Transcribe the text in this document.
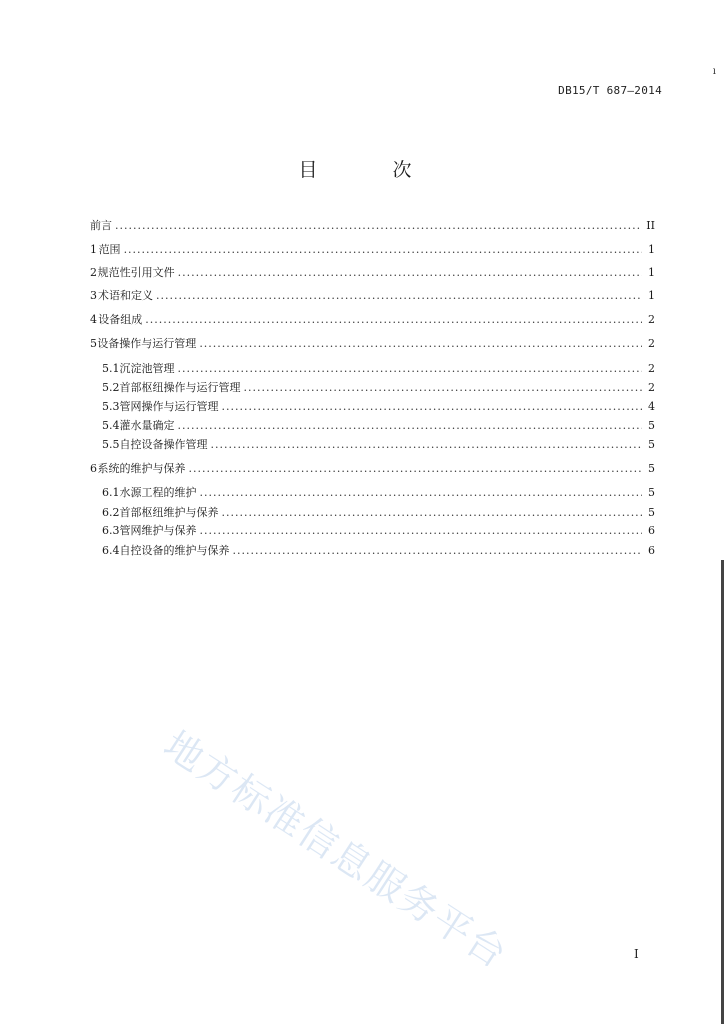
ı
DB15/T 687—2014
目　次
前言 .....	II
1 范围 .....	1
2 规范性引用文件 .....	1
3 术语和定义 .....	1
4 设备组成 .....	2
5 设备操作与运行管理 .....	2
5.1 沉淀池管理 .....	2
5.2 首部枢纽操作与运行管理 .....	2
5.3 管网操作与运行管理 .....	4
5.4 灌水量确定 .....	5
5.5 自控设备操作管理 .....	5
6 系统的维护与保养 .....	5
6.1 水源工程的维护 .....	5
6.2 首部枢纽维护与保养 .....	5
6.3 管网维护与保养 .....	6
6.4 自控设备的维护与保养 .....	6
地方标准信息服务平台	I
